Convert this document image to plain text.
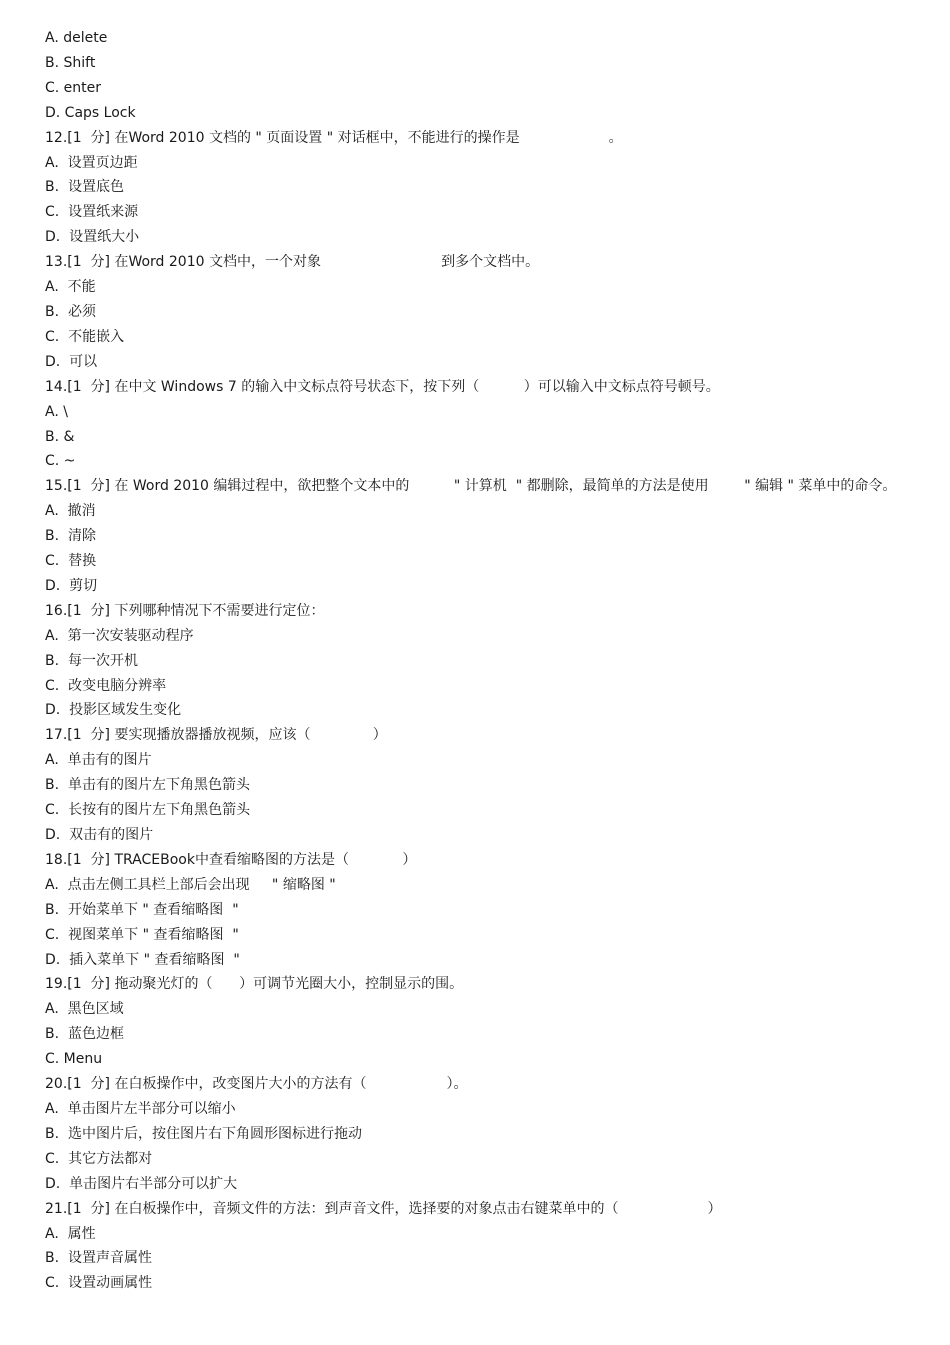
A. delete
B. Shift
C. enter
D. Caps Lock
12.[1  分] 在Word 2010 文档的 " 页面设置 " 对话框中，不能进行的操作是                    。
A.  设置页边距
B.  设置底色
C.  设置纸来源
D.  设置纸大小
13.[1  分] 在Word 2010 文档中，一个对象                           到多个文档中。
A.  不能
B.  必须
C.  不能嵌入
D.  可以
14.[1  分] 在中文 Windows 7 的输入中文标点符号状态下，按下列（          ）可以输入中文标点符号顿号。
A. \
B. &
C. ~
15.[1  分] 在 Word 2010 编辑过程中，欲把整个文本中的          " 计算机  " 都删除，最简单的方法是使用        " 编辑 " 菜单中的命令。
A.  撤消
B.  清除
C.  替换
D.  剪切
16.[1  分] 下列哪种情况下不需要进行定位：
A.  第一次安装驱动程序
B.  每一次开机
C.  改变电脑分辨率
D.  投影区域发生变化
17.[1  分] 要实现播放器播放视频，应该（              ）
A.  单击有的图片
B.  单击有的图片左下角黑色箭头
C.  长按有的图片左下角黑色箭头
D.  双击有的图片
18.[1  分] TRACEBook中查看缩略图的方法是（            ）
A.  点击左侧工具栏上部后会出现     " 缩略图 "
B.  开始菜单下 " 查看缩略图  "
C.  视图菜单下 " 查看缩略图  "
D.  插入菜单下 " 查看缩略图  "
19.[1  分] 拖动聚光灯的（      ）可调节光圈大小，控制显示的围。
A.  黑色区域
B.  蓝色边框
C. Menu
20.[1  分] 在白板操作中，改变图片大小的方法有（                  ）。
A.  单击图片左半部分可以缩小
B.  选中图片后，按住图片右下角圆形图标进行拖动
C.  其它方法都对
D.  单击图片右半部分可以扩大
21.[1  分] 在白板操作中，音频文件的方法：到声音文件，选择要的对象点击右键菜单中的（                    ）
A.  属性
B.  设置声音属性
C.  设置动画属性
